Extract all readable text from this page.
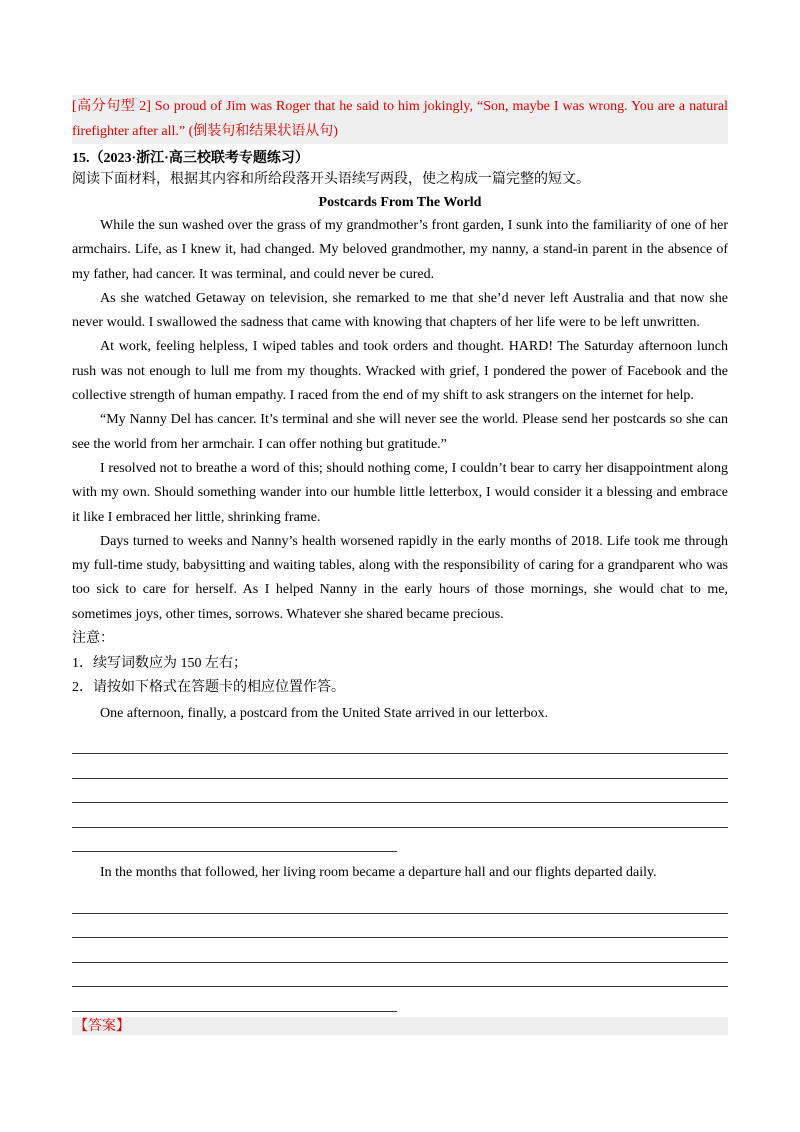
[高分句型 2] So proud of Jim was Roger that he said to him jokingly, “Son, maybe I was wrong. You are a natural firefighter after all.” (倒装句和结果状语从句)
15.（2023·浙江·高三校联考专题练习）
阅读下面材料，根据其内容和所给段落开头语续写两段，使之构成一篇完整的短文。
Postcards From The World

While the sun washed over the grass of my grandmother’s front garden, I sunk into the familiarity of one of her armchairs. Life, as I knew it, had changed. My beloved grandmother, my nanny, a stand-in parent in the absence of my father, had cancer. It was terminal, and could never be cured.

As she watched Getaway on television, she remarked to me that she’d never left Australia and that now she never would. I swallowed the sadness that came with knowing that chapters of her life were to be left unwritten.

At work, feeling helpless, I wiped tables and took orders and thought. HARD! The Saturday afternoon lunch rush was not enough to lull me from my thoughts. Wracked with grief, I pondered the power of Facebook and the collective strength of human empathy. I raced from the end of my shift to ask strangers on the internet for help.

“My Nanny Del has cancer. It’s terminal and she will never see the world. Please send her postcards so she can see the world from her armchair. I can offer nothing but gratitude.”

I resolved not to breathe a word of this; should nothing come, I couldn’t bear to carry her disappointment along with my own. Should something wander into our humble little letterbox, I would consider it a blessing and embrace it like I embraced her little, shrinking frame.

Days turned to weeks and Nanny’s health worsened rapidly in the early months of 2018. Life took me through my full-time study, babysitting and waiting tables, along with the responsibility of caring for a grandparent who was too sick to care for herself. As I helped Nanny in the early hours of those mornings, she would chat to me, sometimes joys, other times, sorrows. Whatever she shared became precious.

注意：
1．续写词数应为 150 左右；
2．请按如下格式在答题卡的相应位置作答。
One afternoon, finally, a postcard from the United State arrived in our letterbox.
In the months that followed, her living room became a departure hall and our flights departed daily.
【答案】
